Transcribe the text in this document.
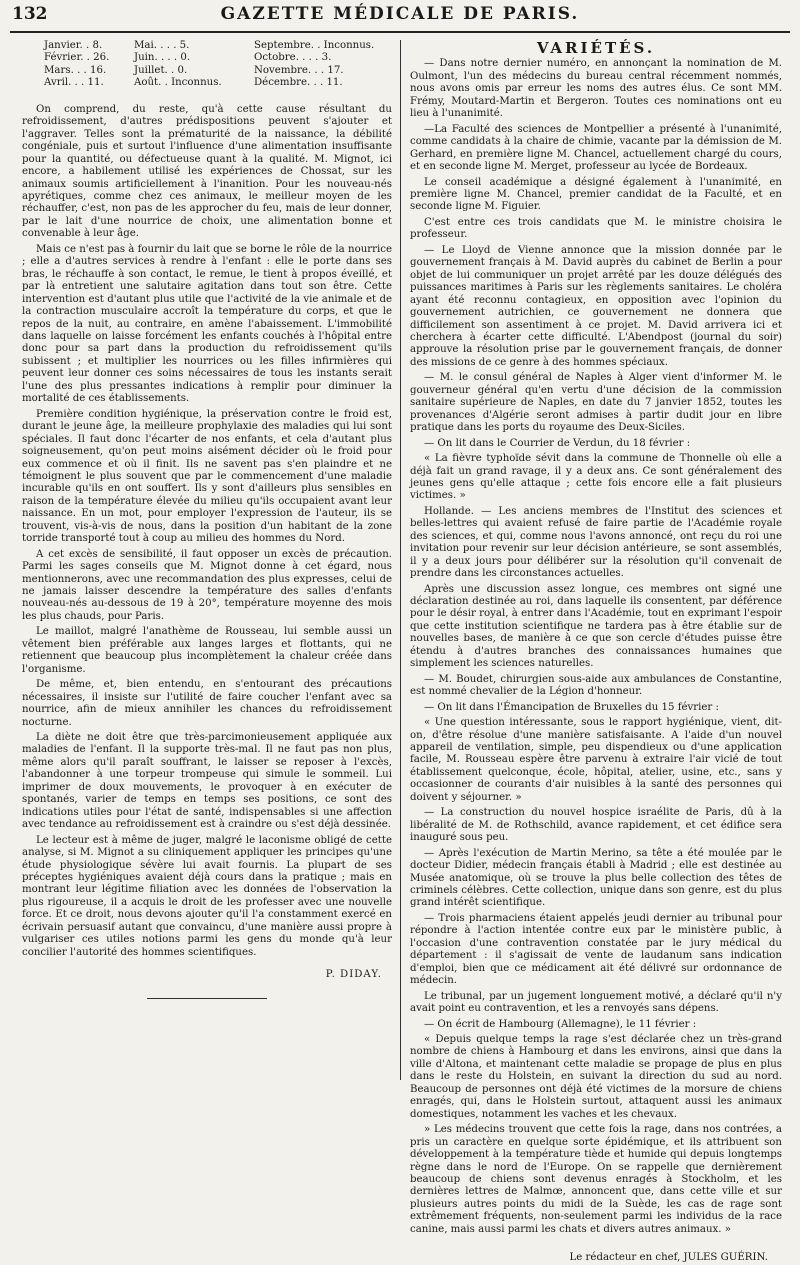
132	GAZETTE MÉDICALE DE PARIS.
Janvier. . 8.	Mai. . . . 5.	Septembre. . Inconnus.
Février. . 26.	Juin. . . . 0.	Octobre. . . . 3.
Mars. . . 16.	Juillet. . 0.	Novembre. . . 17.
Avril. . . 11.	Août. . Inconnus.	Décembre. . . 11.

On comprend, du reste, qu'à cette cause résultant du refroidissement, d'autres prédispositions peuvent s'ajouter et l'aggraver. Telles sont la prématurité de la naissance, la débilité congéniale, puis et surtout l'influence d'une alimentation insuffisante pour la quantité, ou défectueuse quant à la qualité. M. Mignot, ici encore, a habilement utilisé les expériences de Chossat, sur les animaux soumis artificiellement à l'inanition. Pour les nouveau-nés apyrétiques, comme chez ces animaux, le meilleur moyen de les réchauffer, c'est, non pas de les approcher du feu, mais de leur donner, par le lait d'une nourrice de choix, une alimentation bonne et convenable à leur âge.

Mais ce n'est pas à fournir du lait que se borne le rôle de la nourrice ; elle a d'autres services à rendre à l'enfant : elle le porte dans ses bras, le réchauffe à son contact, le remue, le tient à propos éveillé, et par là entretient une salutaire agitation dans tout son être. Cette intervention est d'autant plus utile que l'activité de la vie animale et de la contraction musculaire accroît la température du corps, et que le repos de la nuit, au contraire, en amène l'abaissement. L'immobilité dans laquelle on laisse forcément les enfants couchés à l'hôpital entre donc pour sa part dans la production du refroidissement qu'ils subissent ; et multiplier les nourrices ou les filles infirmières qui peuvent leur donner ces soins nécessaires de tous les instants serait l'une des plus pressantes indications à remplir pour diminuer la mortalité de ces établissements.

Première condition hygiénique, la préservation contre le froid est, durant le jeune âge, la meilleure prophylaxie des maladies qui lui sont spéciales. Il faut donc l'écarter de nos enfants, et cela d'autant plus soigneusement, qu'on peut moins aisément décider où le froid pour eux commence et où il finit. Ils ne savent pas s'en plaindre et ne témoignent le plus souvent que par le commencement d'une maladie incurable qu'ils en ont souffert. Ils y sont d'ailleurs plus sensibles en raison de la température élevée du milieu qu'ils occupaient avant leur naissance. En un mot, pour employer l'expression de l'auteur, ils se trouvent, vis-à-vis de nous, dans la position d'un habitant de la zone torride transporté tout à coup au milieu des hommes du Nord.

A cet excès de sensibilité, il faut opposer un excès de précaution. Parmi les sages conseils que M. Mignot donne à cet égard, nous mentionnerons, avec une recommandation des plus expresses, celui de ne jamais laisser descendre la température des salles d'enfants nouveau-nés au-dessous de 19 à 20°, température moyenne des mois les plus chauds, pour Paris.

Le maillot, malgré l'anathème de Rousseau, lui semble aussi un vêtement bien préférable aux langes larges et flottants, qui ne retiennent que beaucoup plus incomplètement la chaleur créée dans l'organisme.

De même, et, bien entendu, en s'entourant des précautions nécessaires, il insiste sur l'utilité de faire coucher l'enfant avec sa nourrice, afin de mieux annihiler les chances du refroidissement nocturne.

La diète ne doit être que très-parcimonieusement appliquée aux maladies de l'enfant. Il la supporte très-mal. Il ne faut pas non plus, même alors qu'il paraît souffrant, le laisser se reposer à l'excès, l'abandonner à une torpeur trompeuse qui simule le sommeil. Lui imprimer de doux mouvements, le provoquer à en exécuter de spontanés, varier de temps en temps ses positions, ce sont des indications utiles pour l'état de santé, indispensables si une affection avec tendance au refroidissement est à craindre ou s'est déjà dessinée.

Le lecteur est à même de juger, malgré le laconisme obligé de cette analyse, si M. Mignot a su cliniquement appliquer les principes qu'une étude physiologique sévère lui avait fournis. La plupart de ses préceptes hygiéniques avaient déjà cours dans la pratique ; mais en montrant leur légitime filiation avec les données de l'observation la plus rigoureuse, il a acquis le droit de les professer avec une nouvelle force. Et ce droit, nous devons ajouter qu'il l'a constamment exercé en écrivain persuasif autant que convaincu, d'une manière aussi propre à vulgariser ces utiles notions parmi les gens du monde qu'à leur concilier l'autorité des hommes scientifiques.

P. DIDAY.
VARIÉTÉS.

— Dans notre dernier numéro, en annonçant la nomination de M. Oulmont, l'un des médecins du bureau central récemment nommés, nous avons omis par erreur les noms des autres élus. Ce sont MM. Frémy, Moutard-Martin et Bergeron. Toutes ces nominations ont eu lieu à l'unanimité.

—La Faculté des sciences de Montpellier a présenté à l'unanimité, comme candidats à la chaire de chimie, vacante par la démission de M. Gerhard, en première ligne M. Chancel, actuellement chargé du cours, et en seconde ligne M. Merget, professeur au lycée de Bordeaux.

Le conseil académique a désigné également à l'unanimité, en première ligne M. Chancel, premier candidat de la Faculté, et en seconde ligne M. Figuier.

C'est entre ces trois candidats que M. le ministre choisira le professeur.

— Le Lloyd de Vienne annonce que la mission donnée par le gouvernement français à M. David auprès du cabinet de Berlin a pour objet de lui communiquer un projet arrêté par les douze délégués des puissances maritimes à Paris sur les règlements sanitaires. Le choléra ayant été reconnu contagieux, en opposition avec l'opinion du gouvernement autrichien, ce gouvernement ne donnera que difficilement son assentiment à ce projet. M. David arrivera ici et cherchera à écarter cette difficulté. L'Abendpost (journal du soir) approuve la résolution prise par le gouvernement français, de donner des missions de ce genre à des hommes spéciaux.

— M. le consul général de Naples à Alger vient d'informer M. le gouverneur général qu'en vertu d'une décision de la commission sanitaire supérieure de Naples, en date du 7 janvier 1852, toutes les provenances d'Algérie seront admises à partir dudit jour en libre pratique dans les ports du royaume des Deux-Siciles.

— On lit dans le Courrier de Verdun, du 18 février :

« La fièvre typhoïde sévit dans la commune de Thonnelle où elle a déjà fait un grand ravage, il y a deux ans. Ce sont généralement des jeunes gens qu'elle attaque ; cette fois encore elle a fait plusieurs victimes. »

Hollande. — Les anciens membres de l'Institut des sciences et belles-lettres qui avaient refusé de faire partie de l'Académie royale des sciences, et qui, comme nous l'avons annoncé, ont reçu du roi une invitation pour revenir sur leur décision antérieure, se sont assemblés, il y a deux jours pour délibérer sur la résolution qu'il convenait de prendre dans les circonstances actuelles.

Après une discussion assez longue, ces membres ont signé une déclaration destinée au roi, dans laquelle ils consentent, par déférence pour le désir royal, à entrer dans l'Académie, tout en exprimant l'espoir que cette institution scientifique ne tardera pas à être établie sur de nouvelles bases, de manière à ce que son cercle d'études puisse être étendu à d'autres branches des connaissances humaines que simplement les sciences naturelles.

— M. Boudet, chirurgien sous-aide aux ambulances de Constantine, est nommé chevalier de la Légion d'honneur.

— On lit dans l'Émancipation de Bruxelles du 15 février :

« Une question intéressante, sous le rapport hygiénique, vient, dit-on, d'être résolue d'une manière satisfaisante. A l'aide d'un nouvel appareil de ventilation, simple, peu dispendieux ou d'une application facile, M. Rousseau espère être parvenu à extraire l'air vicié de tout établissement quelconque, école, hôpital, atelier, usine, etc., sans y occasionner de courants d'air nuisibles à la santé des personnes qui doivent y séjourner. »

— La construction du nouvel hospice israélite de Paris, dû à la libéralité de M. de Rothschild, avance rapidement, et cet édifice sera inauguré sous peu.

— Après l'exécution de Martin Merino, sa tête a été moulée par le docteur Didier, médecin français établi à Madrid ; elle est destinée au Musée anatomique, où se trouve la plus belle collection des têtes de criminels célèbres. Cette collection, unique dans son genre, est du plus grand intérêt scientifique.

— Trois pharmaciens étaient appelés jeudi dernier au tribunal pour répondre à l'action intentée contre eux par le ministère public, à l'occasion d'une contravention constatée par le jury médical du département : il s'agissait de vente de laudanum sans indication d'emploi, bien que ce médicament ait été délivré sur ordonnance de médecin.

Le tribunal, par un jugement longuement motivé, a déclaré qu'il n'y avait point eu contravention, et les a renvoyés sans dépens.

— On écrit de Hambourg (Allemagne), le 11 février :

« Depuis quelque temps la rage s'est déclarée chez un très-grand nombre de chiens à Hambourg et dans les environs, ainsi que dans la ville d'Altona, et maintenant cette maladie se propage de plus en plus dans le reste du Holstein, en suivant la direction du sud au nord. Beaucoup de personnes ont déjà été victimes de la morsure de chiens enragés, qui, dans le Holstein surtout, attaquent aussi les animaux domestiques, notamment les vaches et les chevaux.

» Les médecins trouvent que cette fois la rage, dans nos contrées, a pris un caractère en quelque sorte épidémique, et ils attribuent son développement à la température tiède et humide qui depuis longtemps règne dans le nord de l'Europe. On se rappelle que dernièrement beaucoup de chiens sont devenus enragés à Stockholm, et les dernières lettres de Malmœ, annoncent que, dans cette ville et sur plusieurs autres points du midi de la Suède, les cas de rage sont extrêmement fréquents, non-seulement parmi les individus de la race canine, mais aussi parmi les chats et divers autres animaux. »

Le rédacteur en chef, JULES GUÉRIN.
